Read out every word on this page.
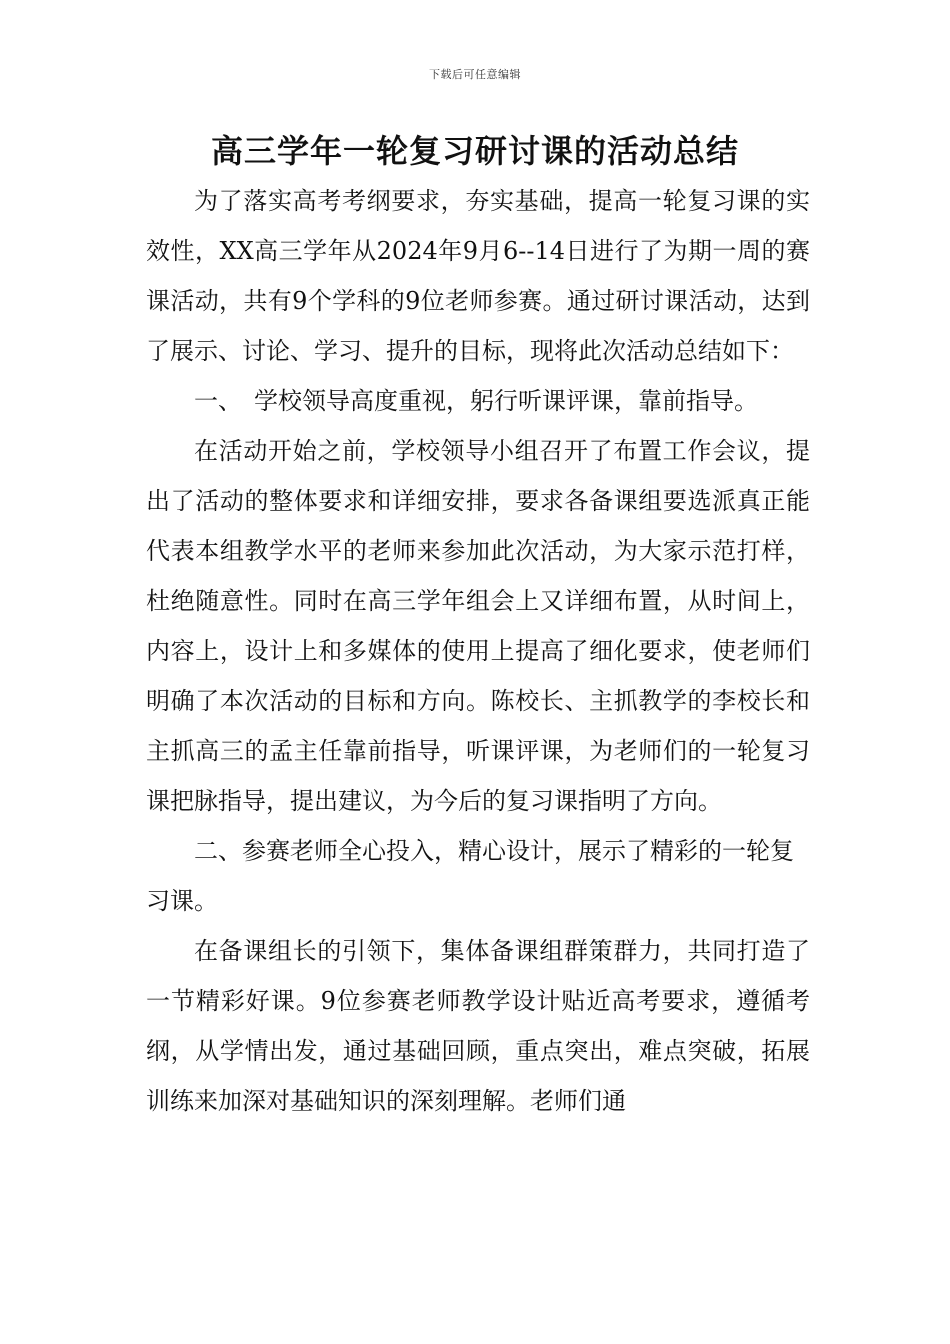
下载后可任意编辑
高三学年一轮复习研讨课的活动总结

为了落实高考考纲要求，夯实基础，提高一轮复习课的实效性，XX高三学年从2024年9月6--14日进行了为期一周的赛课活动，共有9个学科的9位老师参赛。通过研讨课活动，达到了展示、讨论、学习、提升的目标，现将此次活动总结如下：

一、　学校领导高度重视，躬行听课评课，靠前指导。

在活动开始之前，学校领导小组召开了布置工作会议，提出了活动的整体要求和详细安排，要求各备课组要选派真正能代表本组教学水平的老师来参加此次活动，为大家示范打样，杜绝随意性。同时在高三学年组会上又详细布置，从时间上，内容上，设计上和多媒体的使用上提高了细化要求，使老师们明确了本次活动的目标和方向。陈校长、主抓教学的李校长和主抓高三的孟主任靠前指导，听课评课，为老师们的一轮复习课把脉指导，提出建议，为今后的复习课指明了方向。

二、参赛老师全心投入，精心设计，展示了精彩的一轮复习课。

在备课组长的引领下，集体备课组群策群力，共同打造了一节精彩好课。9位参赛老师教学设计贴近高考要求，遵循考纲，从学情出发，通过基础回顾，重点突出，难点突破，拓展训练来加深对基础知识的深刻理解。老师们通
